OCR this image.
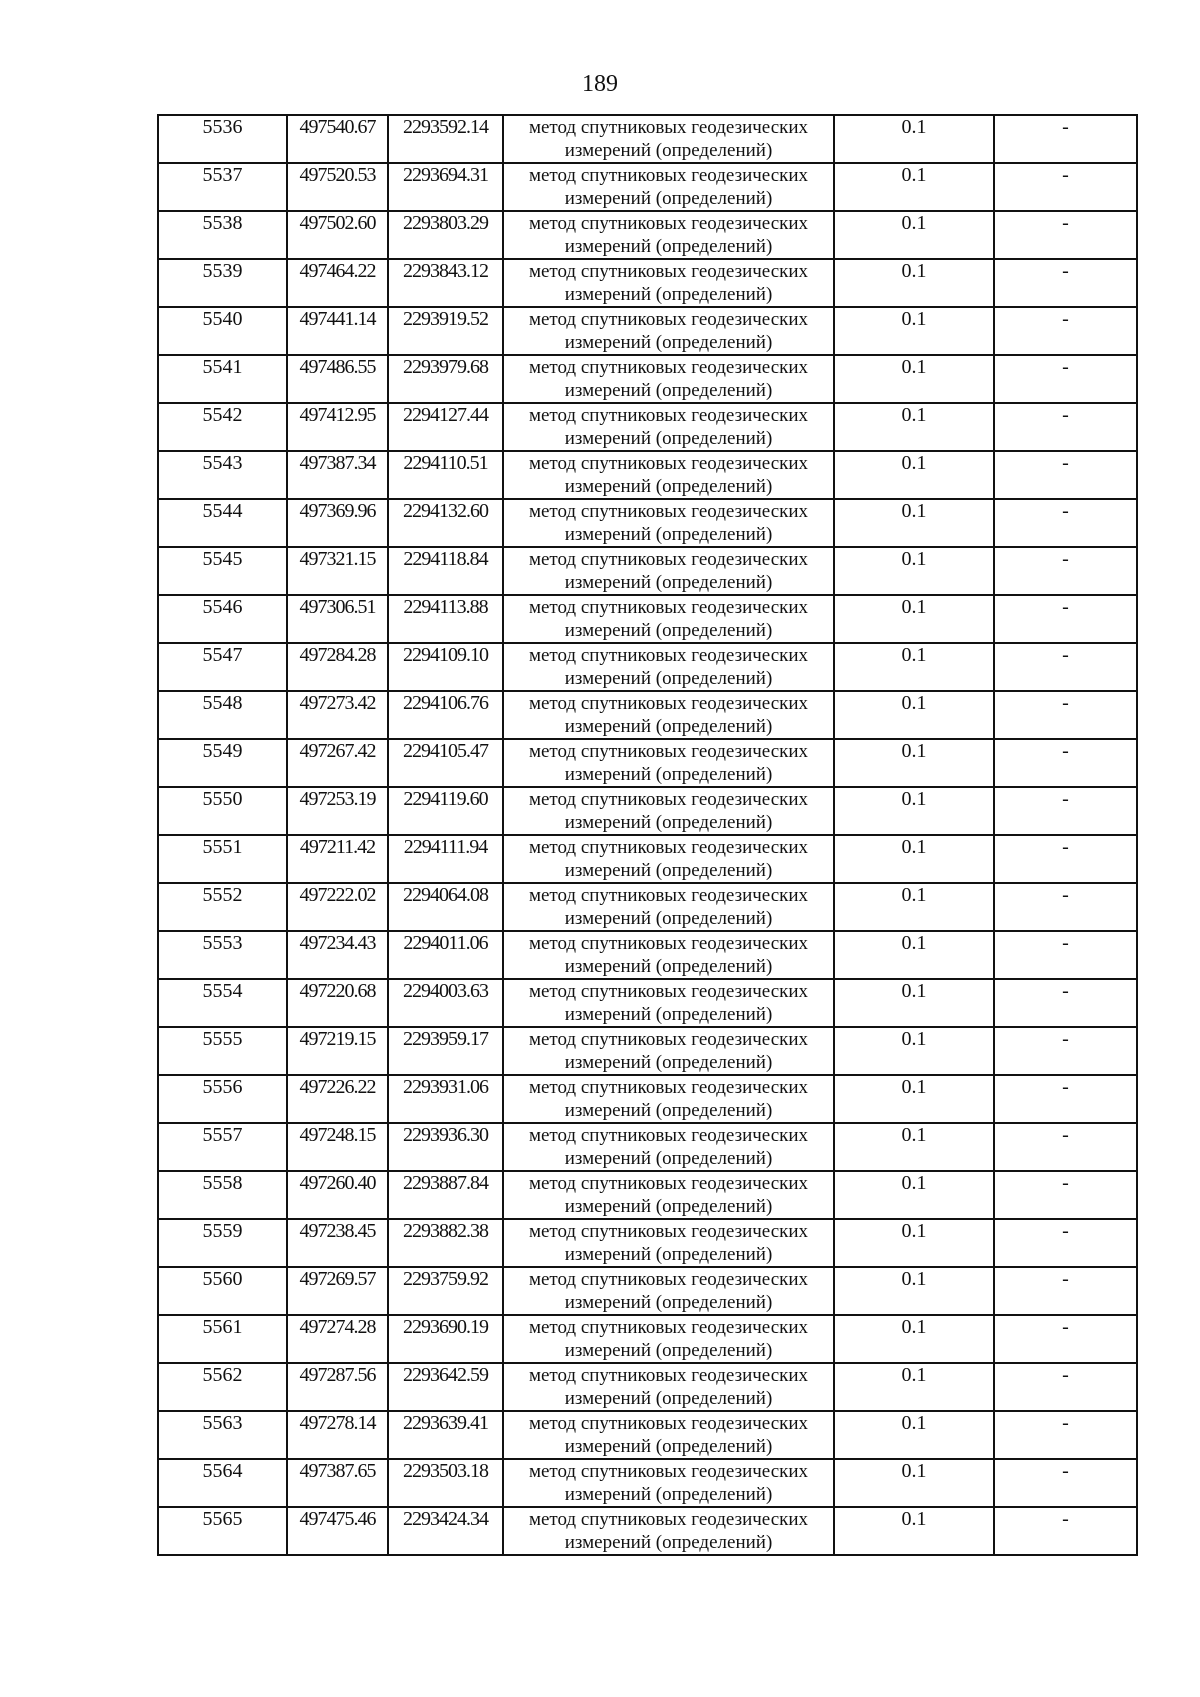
189
5536	497540.67	2293592.14	метод спутниковых геодезических
измерений (определений)	0.1	-
5537	497520.53	2293694.31	метод спутниковых геодезических
измерений (определений)	0.1	-
5538	497502.60	2293803.29	метод спутниковых геодезических
измерений (определений)	0.1	-
5539	497464.22	2293843.12	метод спутниковых геодезических
измерений (определений)	0.1	-
5540	497441.14	2293919.52	метод спутниковых геодезических
измерений (определений)	0.1	-
5541	497486.55	2293979.68	метод спутниковых геодезических
измерений (определений)	0.1	-
5542	497412.95	2294127.44	метод спутниковых геодезических
измерений (определений)	0.1	-
5543	497387.34	2294110.51	метод спутниковых геодезических
измерений (определений)	0.1	-
5544	497369.96	2294132.60	метод спутниковых геодезических
измерений (определений)	0.1	-
5545	497321.15	2294118.84	метод спутниковых геодезических
измерений (определений)	0.1	-
5546	497306.51	2294113.88	метод спутниковых геодезических
измерений (определений)	0.1	-
5547	497284.28	2294109.10	метод спутниковых геодезических
измерений (определений)	0.1	-
5548	497273.42	2294106.76	метод спутниковых геодезических
измерений (определений)	0.1	-
5549	497267.42	2294105.47	метод спутниковых геодезических
измерений (определений)	0.1	-
5550	497253.19	2294119.60	метод спутниковых геодезических
измерений (определений)	0.1	-
5551	497211.42	2294111.94	метод спутниковых геодезических
измерений (определений)	0.1	-
5552	497222.02	2294064.08	метод спутниковых геодезических
измерений (определений)	0.1	-
5553	497234.43	2294011.06	метод спутниковых геодезических
измерений (определений)	0.1	-
5554	497220.68	2294003.63	метод спутниковых геодезических
измерений (определений)	0.1	-
5555	497219.15	2293959.17	метод спутниковых геодезических
измерений (определений)	0.1	-
5556	497226.22	2293931.06	метод спутниковых геодезических
измерений (определений)	0.1	-
5557	497248.15	2293936.30	метод спутниковых геодезических
измерений (определений)	0.1	-
5558	497260.40	2293887.84	метод спутниковых геодезических
измерений (определений)	0.1	-
5559	497238.45	2293882.38	метод спутниковых геодезических
измерений (определений)	0.1	-
5560	497269.57	2293759.92	метод спутниковых геодезических
измерений (определений)	0.1	-
5561	497274.28	2293690.19	метод спутниковых геодезических
измерений (определений)	0.1	-
5562	497287.56	2293642.59	метод спутниковых геодезических
измерений (определений)	0.1	-
5563	497278.14	2293639.41	метод спутниковых геодезических
измерений (определений)	0.1	-
5564	497387.65	2293503.18	метод спутниковых геодезических
измерений (определений)	0.1	-
5565	497475.46	2293424.34	метод спутниковых геодезических
измерений (определений)	0.1	-
